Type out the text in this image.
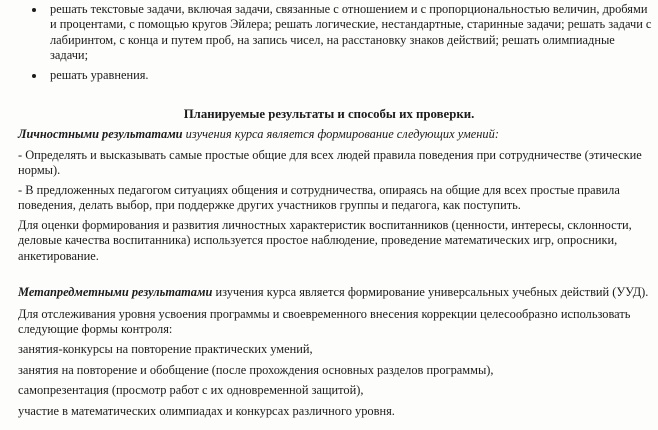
решать текстовые задачи, включая задачи, связанные с отношением и с пропорциональностью величин, дробями и процентами, с помощью кругов Эйлера; решать логические, нестандартные, старинные задачи; решать задачи с лабиринтом, с конца и путем проб, на запись чисел, на расстановку знаков действий; решать олимпиадные задачи;
решать уравнения.
Планируемые результаты и способы их проверки.

Личностными результатами изучения курса является формирование следующих умений:

- Определять и высказывать самые простые общие для всех людей правила поведения при сотрудничестве (этические нормы).

- В предложенных педагогом ситуациях общения и сотрудничества, опираясь на общие для всех простые правила поведения, делать выбор, при поддержке других участников группы и педагога, как поступить.

Для оценки формирования и развития личностных характеристик воспитанников (ценности, интересы, склонности, деловые качества воспитанника) используется простое наблюдение, проведение математических игр, опросники, анкетирование.

Метапредметными результатами изучения курса является формирование универсальных учебных действий (УУД).

Для отслеживания уровня усвоения программы и своевременного внесения коррекции целесообразно использовать следующие формы контроля:

занятия-конкурсы на повторение практических умений,

занятия на повторение и обобщение (после прохождения основных разделов программы),

самопрезентация (просмотр работ с их одновременной защитой),

участие в математических олимпиадах и конкурсах различного уровня.
